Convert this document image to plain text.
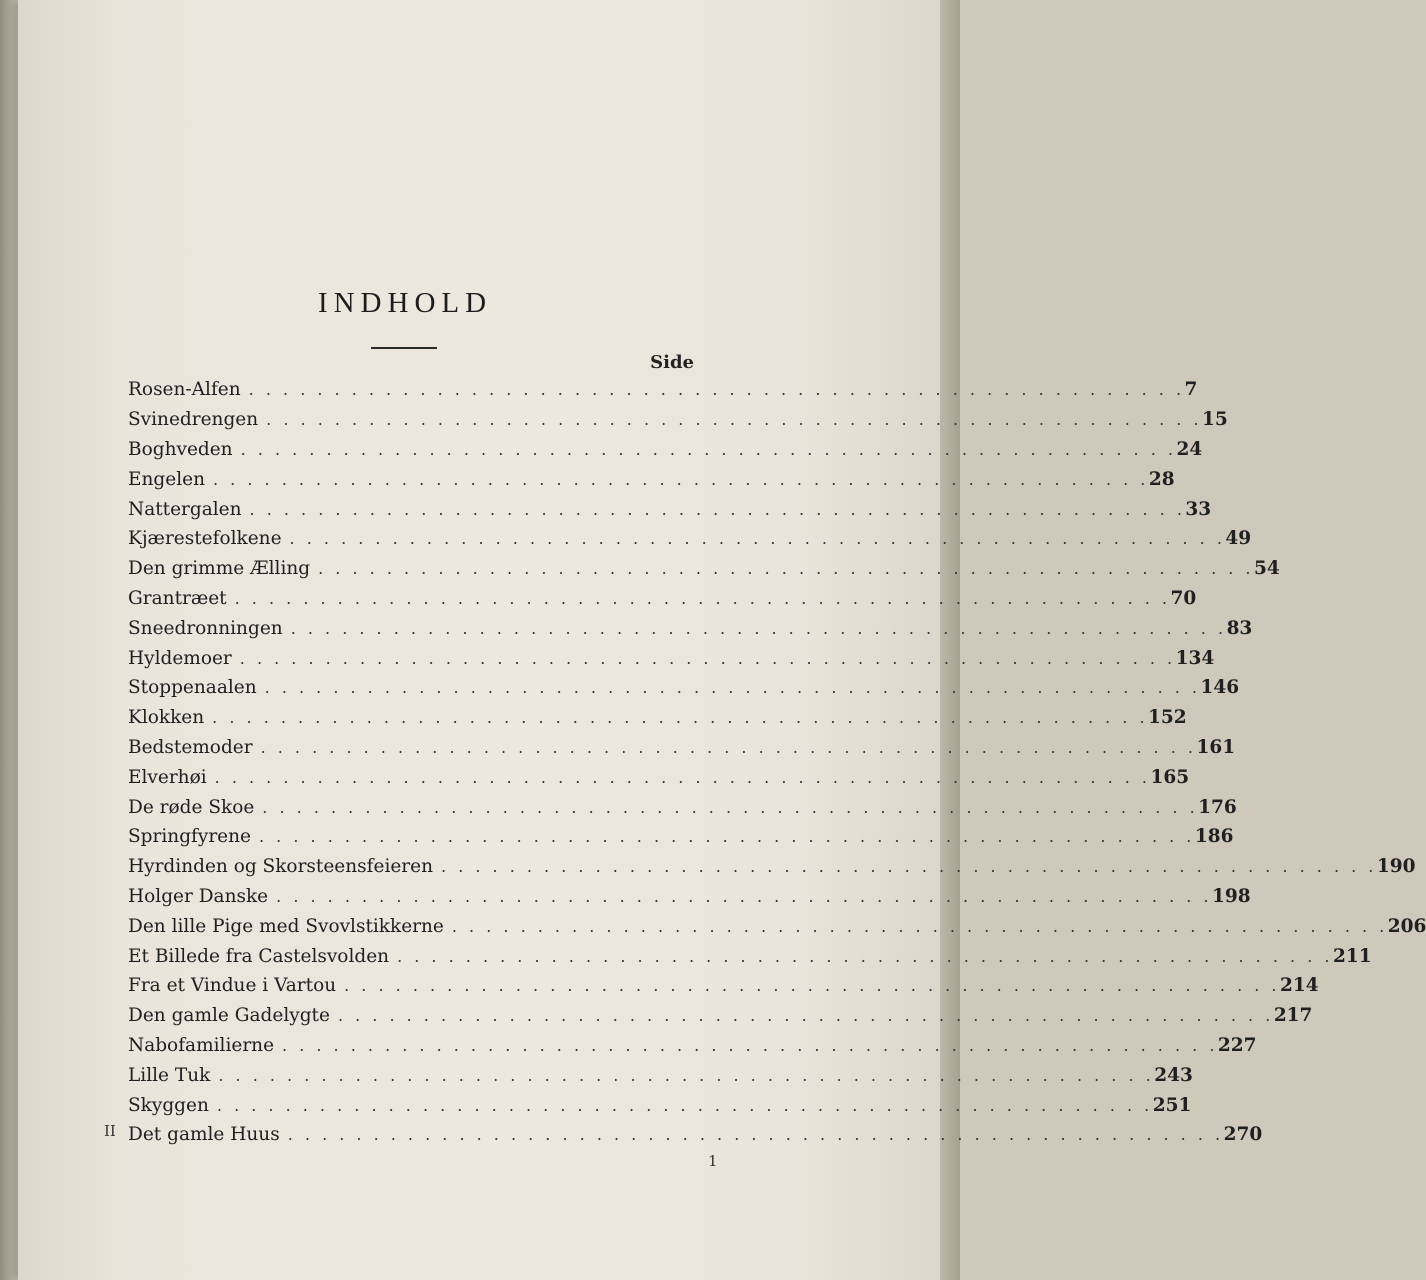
INDHOLD
Side
Rosen-Alfen . . . . . . . . . . . . . . . . . . . . . . . . . . . . . . . . . . . . . . . . . . . . . . . . . . . . . . . 7
Svinedrengen . . . . . . . . . . . . . . . . . . . . . . . . . . . . . . . . . . . . . . . . . . . . . . . . . . . . . . . 15
Boghveden . . . . . . . . . . . . . . . . . . . . . . . . . . . . . . . . . . . . . . . . . . . . . . . . . . . . . . . 24
Engelen . . . . . . . . . . . . . . . . . . . . . . . . . . . . . . . . . . . . . . . . . . . . . . . . . . . . . . . 28
Nattergalen . . . . . . . . . . . . . . . . . . . . . . . . . . . . . . . . . . . . . . . . . . . . . . . . . . . . . . . 33
Kjærestefolkene . . . . . . . . . . . . . . . . . . . . . . . . . . . . . . . . . . . . . . . . . . . . . . . . . . . . . . . 49
Den grimme Ælling . . . . . . . . . . . . . . . . . . . . . . . . . . . . . . . . . . . . . . . . . . . . . . . . . . . . . . . 54
Grantræet . . . . . . . . . . . . . . . . . . . . . . . . . . . . . . . . . . . . . . . . . . . . . . . . . . . . . . . 70
Sneedronningen . . . . . . . . . . . . . . . . . . . . . . . . . . . . . . . . . . . . . . . . . . . . . . . . . . . . . . . 83
Hyldemoer . . . . . . . . . . . . . . . . . . . . . . . . . . . . . . . . . . . . . . . . . . . . . . . . . . . . . . . 134
Stoppenaalen . . . . . . . . . . . . . . . . . . . . . . . . . . . . . . . . . . . . . . . . . . . . . . . . . . . . . . . 146
Klokken . . . . . . . . . . . . . . . . . . . . . . . . . . . . . . . . . . . . . . . . . . . . . . . . . . . . . . . 152
Bedstemoder . . . . . . . . . . . . . . . . . . . . . . . . . . . . . . . . . . . . . . . . . . . . . . . . . . . . . . . 161
Elverhøi . . . . . . . . . . . . . . . . . . . . . . . . . . . . . . . . . . . . . . . . . . . . . . . . . . . . . . . 165
De røde Skoe . . . . . . . . . . . . . . . . . . . . . . . . . . . . . . . . . . . . . . . . . . . . . . . . . . . . . . . 176
Springfyrene . . . . . . . . . . . . . . . . . . . . . . . . . . . . . . . . . . . . . . . . . . . . . . . . . . . . . . . 186
Hyrdinden og Skorsteensfeieren . . . . . . . . . . . . . . . . . . . . . . . . . . . . . . . . . . . . . . . . . . . . . . . . . . . . . . . 190
Holger Danske . . . . . . . . . . . . . . . . . . . . . . . . . . . . . . . . . . . . . . . . . . . . . . . . . . . . . . . 198
Den lille Pige med Svovlstikkerne . . . . . . . . . . . . . . . . . . . . . . . . . . . . . . . . . . . . . . . . . . . . . . . . . . . . . . . 206
Et Billede fra Castelsvolden . . . . . . . . . . . . . . . . . . . . . . . . . . . . . . . . . . . . . . . . . . . . . . . . . . . . . . . 211
Fra et Vindue i Vartou . . . . . . . . . . . . . . . . . . . . . . . . . . . . . . . . . . . . . . . . . . . . . . . . . . . . . . . 214
Den gamle Gadelygte . . . . . . . . . . . . . . . . . . . . . . . . . . . . . . . . . . . . . . . . . . . . . . . . . . . . . . . 217
Nabofamilierne . . . . . . . . . . . . . . . . . . . . . . . . . . . . . . . . . . . . . . . . . . . . . . . . . . . . . . . 227
Lille Tuk . . . . . . . . . . . . . . . . . . . . . . . . . . . . . . . . . . . . . . . . . . . . . . . . . . . . . . . 243
Skyggen . . . . . . . . . . . . . . . . . . . . . . . . . . . . . . . . . . . . . . . . . . . . . . . . . . . . . . . 251
Det gamle Huus . . . . . . . . . . . . . . . . . . . . . . . . . . . . . . . . . . . . . . . . . . . . . . . . . . . . . . . 270
II
1
